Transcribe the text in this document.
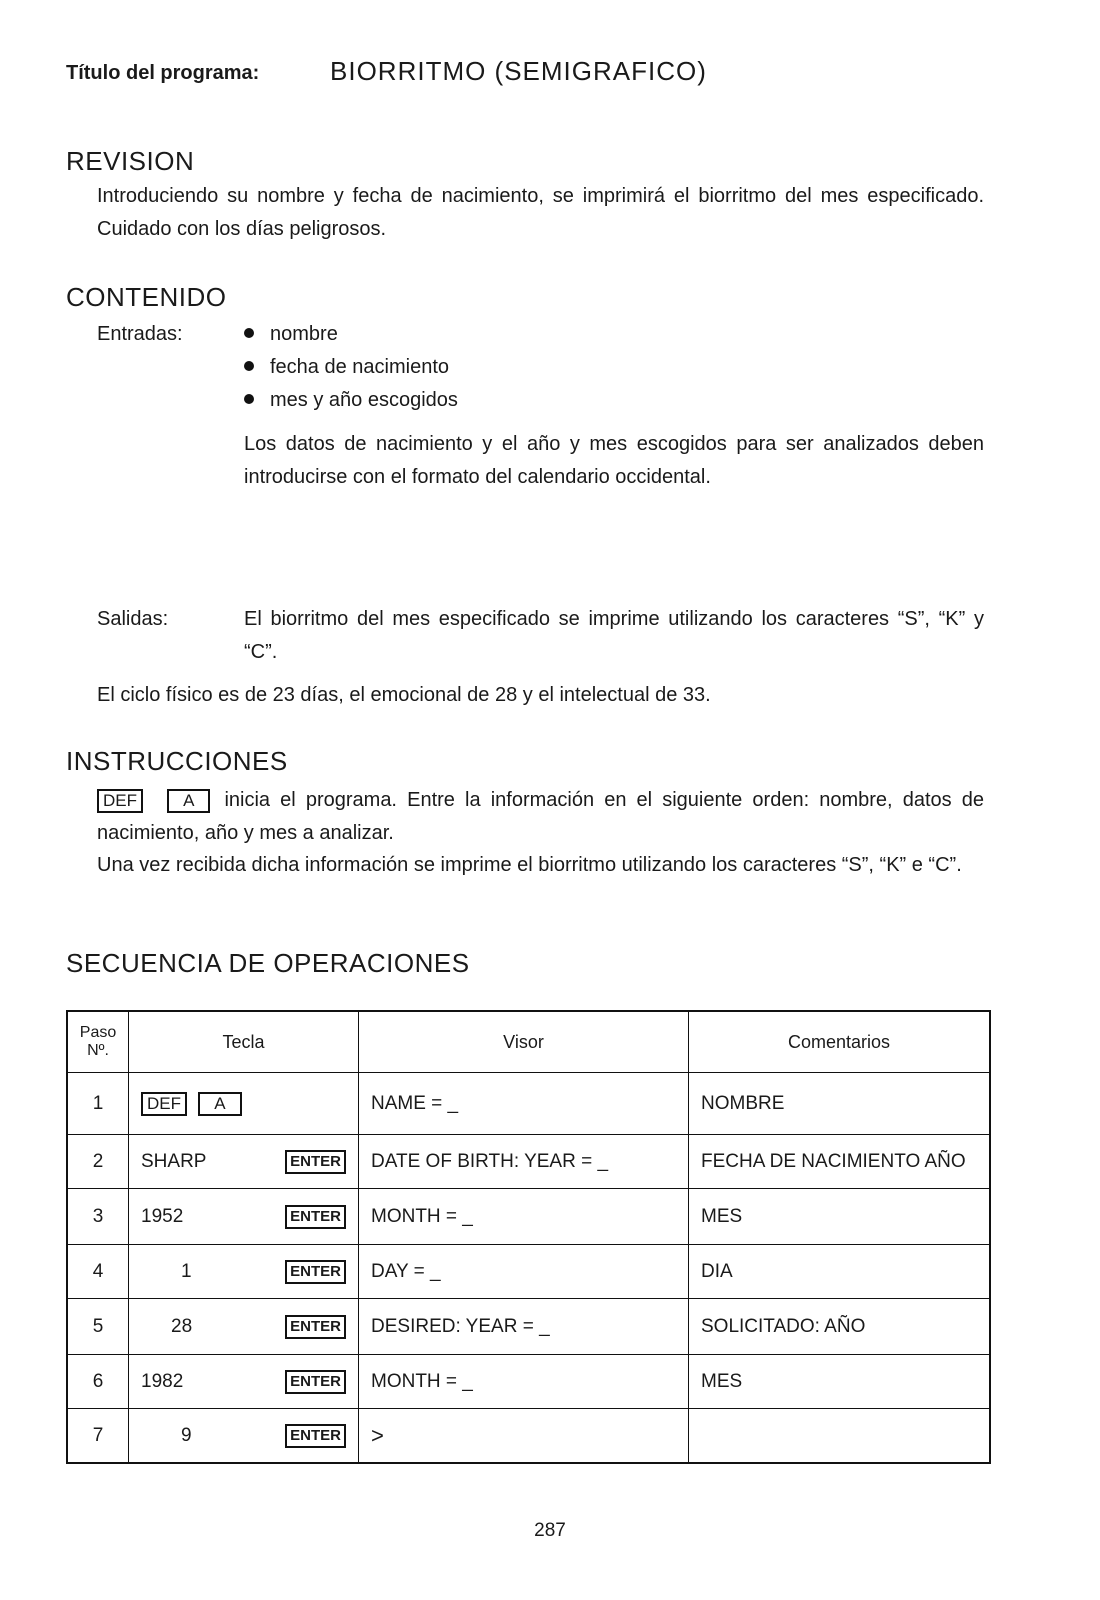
Título del programa:	BIORRITMO (SEMIGRAFICO)
REVISION
Introduciendo su nombre y fecha de nacimiento, se imprimirá el biorritmo del mes especificado. Cuidado con los días peligrosos.
CONTENIDO
Entradas:	nombre
fecha de nacimiento
mes y año escogidos
Los datos de nacimiento y el año y mes escogidos para ser analizados deben introducirse con el formato del calendario occidental.
Salidas:	El biorritmo del mes especificado se imprime utilizando los caracteres “S”, “K” y “C”.
El ciclo físico es de 23 días, el emocional de 28 y el intelectual de 33.
INSTRUCCIONES
DEF	A inicia el programa. Entre la información en el siguiente orden: nombre, datos de nacimiento, año y mes a analizar.
Una vez recibida dicha información se imprime el biorritmo utilizando los caracteres “S”, “K” e “C”.
SECUENCIA DE OPERACIONES
Paso Nº.	Tecla	Visor	Comentarios
1	DEF A	NAME = _	NOMBRE
2	SHARP ENTER	DATE OF BIRTH: YEAR = _	FECHA DE NACIMIENTO AÑO
3	1952 ENTER	MONTH = _	MES
4	1 ENTER	DAY = _	DIA
5	28 ENTER	DESIRED: YEAR = _	SOLICITADO: AÑO
6	1982 ENTER	MONTH = _	MES
7	9 ENTER	>	
287
